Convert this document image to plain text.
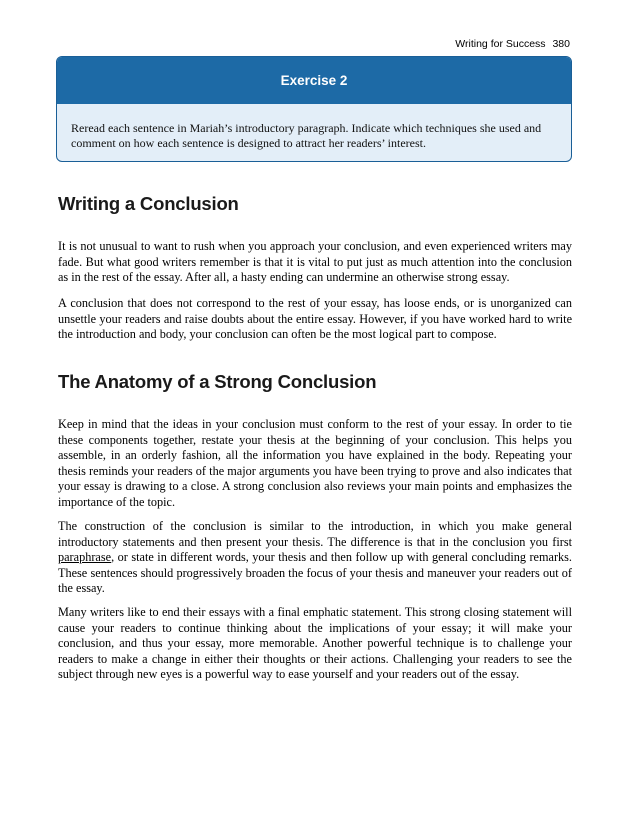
Writing for Success 380
Exercise 2
Reread each sentence in Mariah’s introductory paragraph. Indicate which techniques she used and comment on how each sentence is designed to attract her readers’ interest.
Writing a Conclusion

It is not unusual to want to rush when you approach your conclusion, and even experienced writers may fade. But what good writers remember is that it is vital to put just as much attention into the conclusion as in the rest of the essay. After all, a hasty ending can undermine an otherwise strong essay.

A conclusion that does not correspond to the rest of your essay, has loose ends, or is unorganized can unsettle your readers and raise doubts about the entire essay. However, if you have worked hard to write the introduction and body, your conclusion can often be the most logical part to compose.

The Anatomy of a Strong Conclusion

Keep in mind that the ideas in your conclusion must conform to the rest of your essay. In order to tie these components together, restate your thesis at the beginning of your conclusion. This helps you assemble, in an orderly fashion, all the information you have explained in the body. Repeating your thesis reminds your readers of the major arguments you have been trying to prove and also indicates that your essay is drawing to a close. A strong conclusion also reviews your main points and emphasizes the importance of the topic.

The construction of the conclusion is similar to the introduction, in which you make general introductory statements and then present your thesis. The difference is that in the conclusion you first paraphrase, or state in different words, your thesis and then follow up with general concluding remarks. These sentences should progressively broaden the focus of your thesis and maneuver your readers out of the essay.

Many writers like to end their essays with a final emphatic statement. This strong closing statement will cause your readers to continue thinking about the implications of your essay; it will make your conclusion, and thus your essay, more memorable. Another powerful technique is to challenge your readers to make a change in either their thoughts or their actions. Challenging your readers to see the subject through new eyes is a powerful way to ease yourself and your readers out of the essay.
